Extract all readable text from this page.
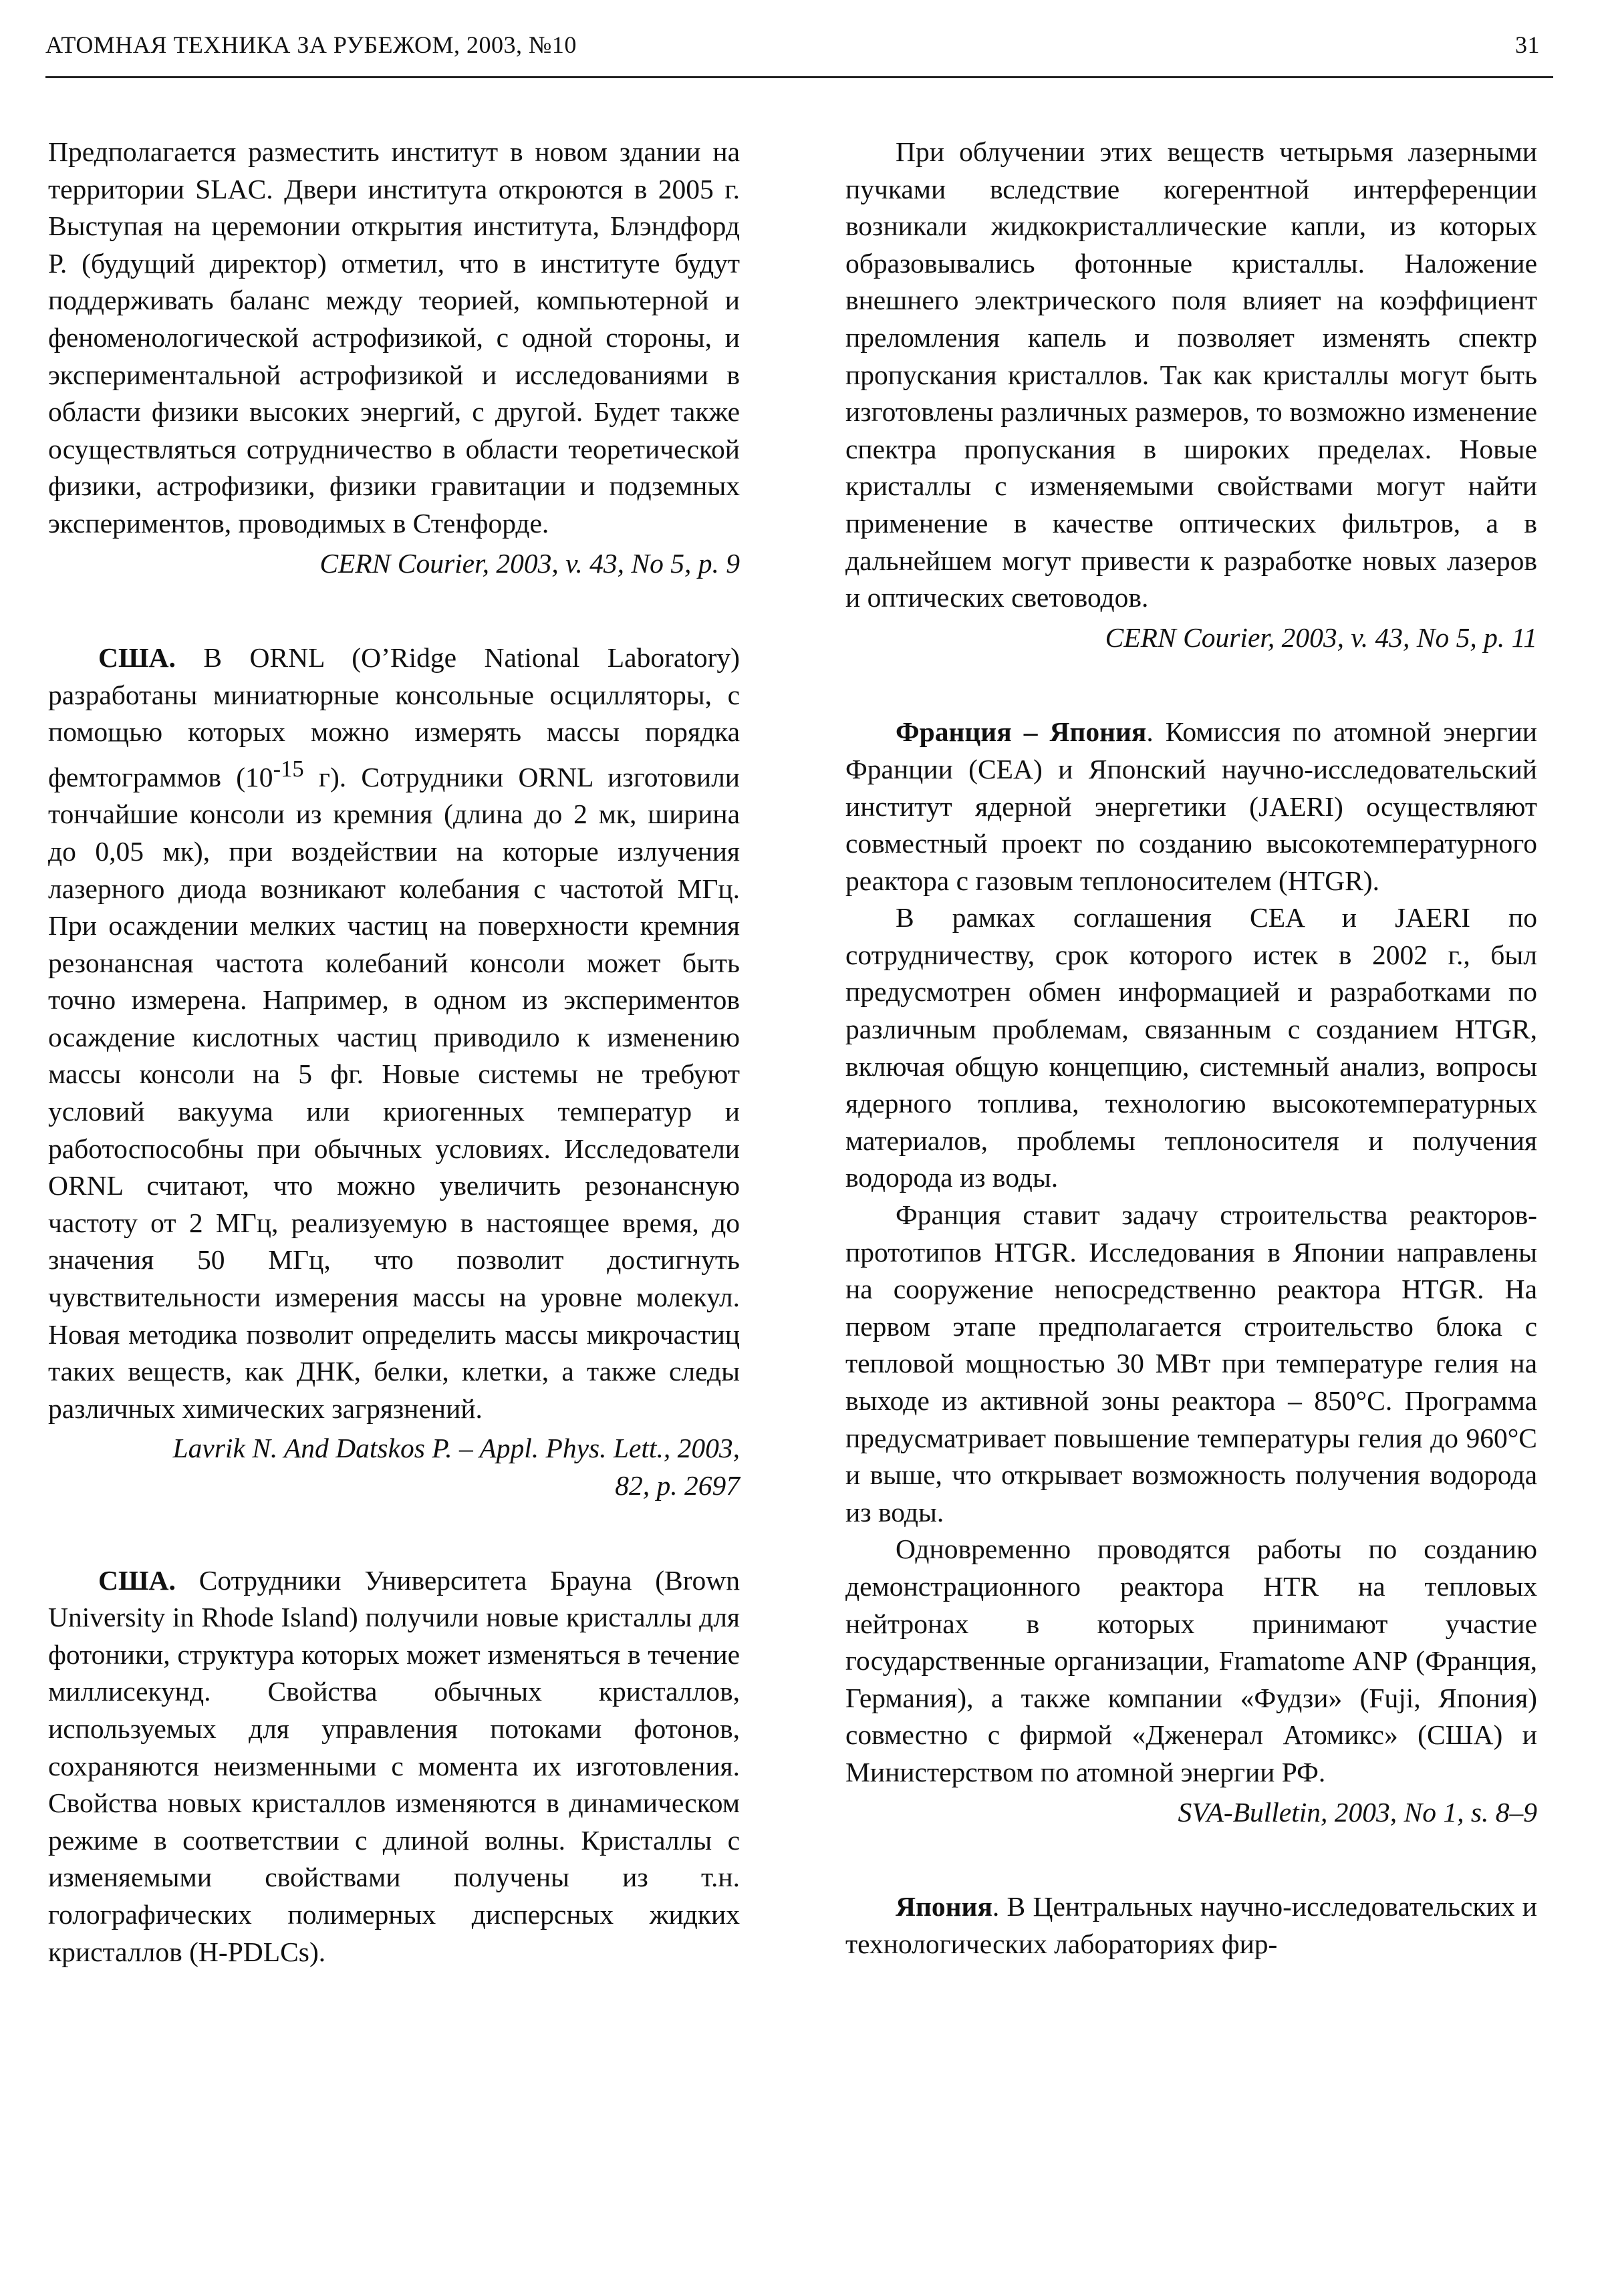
АТОМНАЯ ТЕХНИКА ЗА РУБЕЖОМ, 2003, №10	31

Предполагается разместить институт в новом здании на территории SLAC. Двери института откроются в 2005 г. Выступая на церемонии открытия института, Блэндфорд Р. (будущий директор) отметил, что в институте будут поддерживать баланс между теорией, компьютерной и феноменологической астрофизикой, с одной стороны, и экспериментальной астрофизикой и исследованиями в области физики высоких энергий, с другой. Будет также осуществляться сотрудничество в области теоретической физики, астрофизики, физики гравитации и подземных экспериментов, проводимых в Стенфорде.

CERN Courier, 2003, v. 43, No 5, p. 9

США. В ORNL (O’Ridge National Laboratory) разработаны миниатюрные консольные осцилляторы, с помощью которых можно измерять массы порядка фемтограммов ($10^{-15}$ г). Сотрудники ORNL изготовили тончайшие консоли из кремния (длина до 2 мк, ширина до 0,05 мк), при воздействии на которые излучения лазерного диода возникают колебания с частотой МГц. При осаждении мелких частиц на поверхности кремния резонансная частота колебаний консоли может быть точно измерена. Например, в одном из экспериментов осаждение кислотных частиц приводило к изменению массы консоли на 5 фг. Новые системы не требуют условий вакуума или криогенных температур и работоспособны при обычных условиях. Исследователи ORNL считают, что можно увеличить резонансную частоту от 2 МГц, реализуемую в настоящее время, до значения 50 МГц, что позволит достигнуть чувствительности измерения массы на уровне молекул. Новая методика позволит определить массы микрочастиц таких веществ, как ДНК, белки, клетки, а также следы различных химических загрязнений.

Lavrik N. And Datskos P. – Appl. Phys. Lett., 2003,
82, p. 2697

США. Сотрудники Университета Брауна (Brown University in Rhode Island) получили новые кристаллы для фотоники, структура которых может изменяться в течение миллисекунд. Свойства обычных кристаллов, используемых для управления потоками фотонов, сохраняются неизменными с момента их изготовления. Свойства новых кристаллов изменяются в динамическом режиме в соответствии с длиной волны. Кристаллы с изменяемыми свойствами получены из т.н. голографических полимерных дисперсных жидких кристаллов (H-PDLCs).

При облучении этих веществ четырьмя лазерными пучками вследствие когерентной интерференции возникали жидкокристаллические капли, из которых образовывались фотонные кристаллы. Наложение внешнего электрического поля влияет на коэффициент преломления капель и позволяет изменять спектр пропускания кристаллов. Так как кристаллы могут быть изготовлены различных размеров, то возможно изменение спектра пропускания в широких пределах. Новые кристаллы с изменяемыми свойствами могут найти применение в качестве оптических фильтров, а в дальнейшем могут привести к разработке новых лазеров и оптических световодов.

CERN Courier, 2003, v. 43, No 5, p. 11

Франция – Япония. Комиссия по атомной энергии Франции (CEA) и Японский научно-исследовательский институт ядерной энергетики (JAERI) осуществляют совместный проект по созданию высокотемпературного реактора с газовым теплоносителем (HTGR).

В рамках соглашения CEA и JAERI по сотрудничеству, срок которого истек в 2002 г., был предусмотрен обмен информацией и разработками по различным проблемам, связанным с созданием HTGR, включая общую концепцию, системный анализ, вопросы ядерного топлива, технологию высокотемпературных материалов, проблемы теплоносителя и получения водорода из воды.

Франция ставит задачу строительства реакторов-прототипов HTGR. Исследования в Японии направлены на сооружение непосредственно реактора HTGR. На первом этапе предполагается строительство блока с тепловой мощностью 30 МВт при температуре гелия на выходе из активной зоны реактора – 850°С. Программа предусматривает повышение температуры гелия до 960°С и выше, что открывает возможность получения водорода из воды.

Одновременно проводятся работы по созданию демонстрационного реактора HTR на тепловых нейтронах в которых принимают участие государственные организации, Framatome ANP (Франция, Германия), а также компании «Фудзи» (Fuji, Япония) совместно с фирмой «Дженерал Атомикс» (США) и Министерством по атомной энергии РФ.

SVA-Bulletin, 2003, No 1, s. 8–9

Япония. В Центральных научно-исследовательских и технологических лабораториях фир-
